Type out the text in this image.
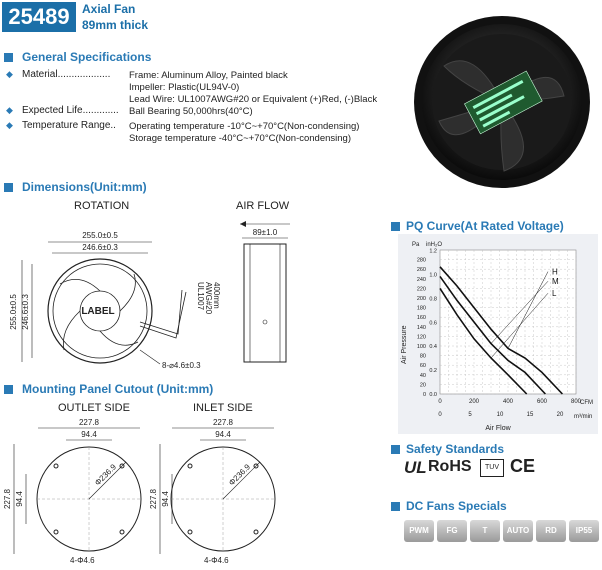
25489	Axial Fan
89mm thick
General Specifications
◆ Material................... Frame: Aluminum Alloy, Painted black
Impeller: Plastic(UL94V-0)
Lead Wire: UL1007AWG#20 or Equivalent (+)Red, (-)Black
◆ Expected Life............. Ball Bearing 50,000hrs(40°C)
◆ Temperature Range.. Operating temperature -10°C~+70°C(Non-condensing)
Storage temperature -40°C~+70°C(Non-condensing)
Dimensions(Unit:mm)
ROTATION	AIR FLOW
255.0±0.5
246.6±0.3
255.0±0.5 246.6±0.3	LABEL
UL1007 AWG#20 400mm
8-⌀4.6±0.3
89±1.0
Mounting Panel Cutout (Unit:mm)
OUTLET SIDE	INLET SIDE
227.8
94.4
227.8 94.4
Φ236.9
4-Φ4.6
227.8
94.4
227.8 94.4
Φ236.9
4-Φ4.6
PQ Curve(At Rated Voltage)
Air Pressure
Air Flow
Pa inH₂O
CFM
m³/min
0
20
40
60
80
100
120
140
160
180
200
220
240
260
280
0.0
0.2
0.4
0.6
0.8
1.0
1.2
0	200	400	600	800
0	5	10	15	20
H
M
L
Safety Standards
UL RoHS	TUV CE
DC Fans Specials
PWM	FG	T	AUTO	RD	IP55
